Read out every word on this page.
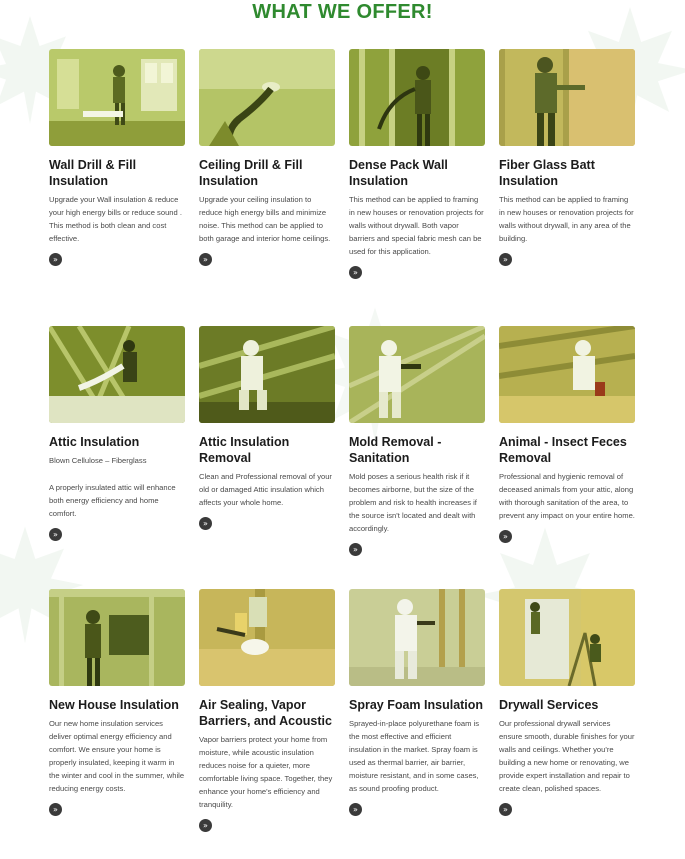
WHAT WE OFFER!
Wall Drill & Fill Insulation

Upgrade your Wall insulation & reduce your high energy bills or reduce sound . This method is both clean and cost effective.

»
Ceiling Drill & Fill Insulation

Upgrade your ceiling insulation to reduce high energy bills and minimize noise. This method can be applied to both garage and interior home ceilings.

»
Dense Pack Wall Insulation

This method can be applied to framing in new houses or renovation projects for walls without drywall. Both vapor barriers and special fabric mesh can be used for this application.

»
Fiber Glass Batt Insulation

This method can be applied to framing in new houses or renovation projects for walls without drywall, in any area of the building.

»
Attic Insulation

Blown Cellulose – Fiberglass

A properly insulated attic will enhance both energy efficiency and home comfort.

»
Attic Insulation Removal

Clean and Professional removal of your old or damaged Attic insulation which affects your whole home.

»
Mold Removal - Sanitation

Mold poses a serious health risk if it becomes airborne, but the size of the problem and risk to health increases if the source isn't located and dealt with accordingly.

»
Animal - Insect Feces Removal

Professional and hygienic removal of deceased animals from your attic, along with thorough sanitation of the area, to prevent any impact on your entire home.

»
New House Insulation

Our new home insulation services deliver optimal energy efficiency and comfort. We ensure your home is properly insulated, keeping it warm in the winter and cool in the summer, while reducing energy costs.

»
Air Sealing, Vapor Barriers, and Acoustic

Vapor barriers protect your home from moisture, while acoustic insulation reduces noise for a quieter, more comfortable living space. Together, they enhance your home's efficiency and tranquility.

»
Spray Foam Insulation

Sprayed-in-place polyurethane foam is the most effective and efficient insulation in the market. Spray foam is used as thermal barrier, air barrier, moisture resistant, and in some cases, as sound proofing product.

»
Drywall Services

Our professional drywall services ensure smooth, durable finishes for your walls and ceilings. Whether you're building a new home or renovating, we provide expert installation and repair to create clean, polished spaces.

»
